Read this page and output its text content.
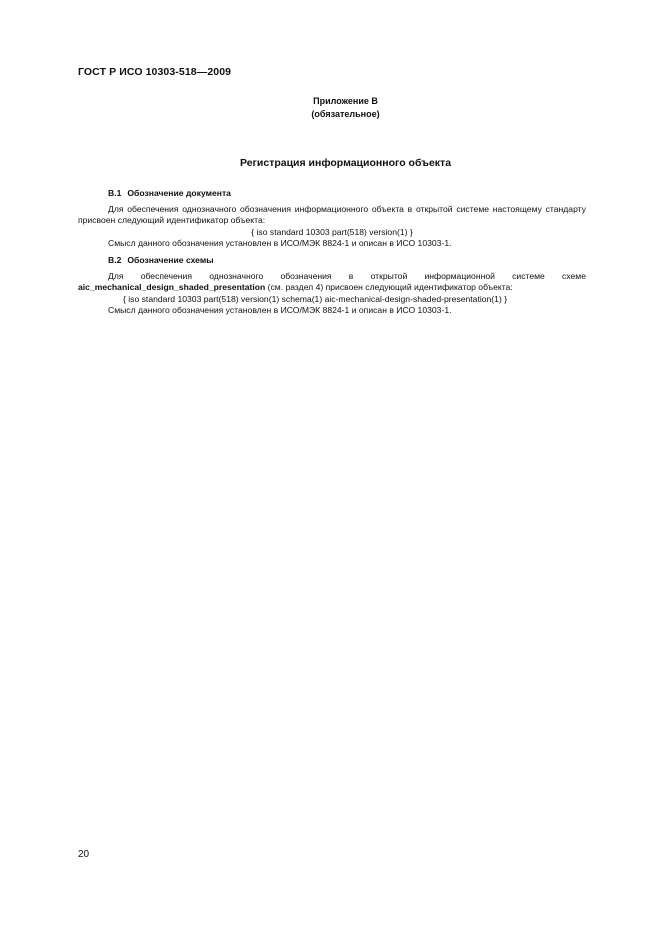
ГОСТ Р ИСО 10303-518—2009
Приложение В
(обязательное)
Регистрация информационного объекта
В.1 Обозначение документа

Для обеспечения однозначного обозначения информационного объекта в открытой системе настоящему стандарту присвоен следующий идентификатор объекта:

{ iso standard 10303 part(518) version(1) }

Смысл данного обозначения установлен в ИСО/МЭК 8824-1 и описан в ИСО 10303-1.

В.2 Обозначение схемы

Для обеспечения однозначного обозначения в открытой информационной системе схеме

aic_mechanical_design_shaded_presentation (см. раздел 4) присвоен следующий идентификатор объекта:

{ iso standard 10303 part(518) version(1) schema(1) aic-mechanical-design-shaded-presentation(1) }

Смысл данного обозначения установлен в ИСО/МЭК 8824-1 и описан в ИСО 10303-1.

20
